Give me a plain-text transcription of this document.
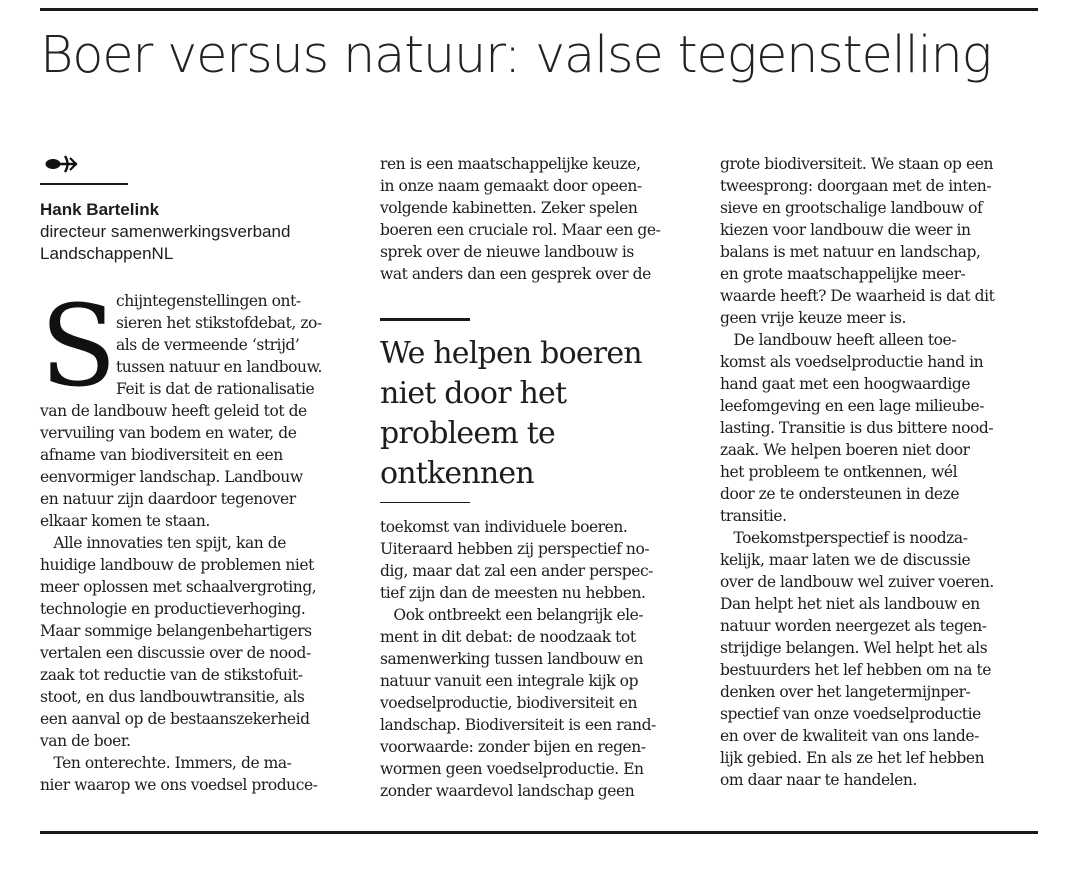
Boer versus natuur: valse tegenstelling
Hank Bartelink
directeur samenwerkingsverband
LandschappenNL
S chijntegenstellingen ont-

sieren het stikstofdebat, zo-

als de vermeende ‘strijd’

tussen natuur en landbouw.

Feit is dat de rationalisatie

van de landbouw heeft geleid tot de

vervuiling van bodem en water, de

afname van biodiversiteit en een

eenvormiger landschap. Landbouw

en natuur zijn daardoor tegenover

elkaar komen te staan.

Alle innovaties ten spijt, kan de

huidige landbouw de problemen niet

meer oplossen met schaalvergroting,

technologie en productieverhoging.

Maar sommige belangenbehartigers

vertalen een discussie over de nood-

zaak tot reductie van de stikstofuit-

stoot, en dus landbouwtransitie, als

een aanval op de bestaanszekerheid

van de boer.

Ten onterechte. Immers, de ma-

nier waarop we ons voedsel produce-

ren is een maatschappelijke keuze,

in onze naam gemaakt door opeen-

volgende kabinetten. Zeker spelen

boeren een cruciale rol. Maar een ge-

sprek over de nieuwe landbouw is

wat anders dan een gesprek over de

We helpen boeren
niet door het
probleem te
ontkennen

toekomst van individuele boeren.

Uiteraard hebben zij perspectief no-

dig, maar dat zal een ander perspec-

tief zijn dan de meesten nu hebben.

Ook ontbreekt een belangrijk ele-

ment in dit debat: de noodzaak tot

samenwerking tussen landbouw en

natuur vanuit een integrale kijk op

voedselproductie, biodiversiteit en

landschap. Biodiversiteit is een rand-

voorwaarde: zonder bijen en regen-

wormen geen voedselproductie. En

zonder waardevol landschap geen

grote biodiversiteit. We staan op een

tweesprong: doorgaan met de inten-

sieve en grootschalige landbouw of

kiezen voor landbouw die weer in

balans is met natuur en landschap,

en grote maatschappelijke meer-

waarde heeft? De waarheid is dat dit

geen vrije keuze meer is.

De landbouw heeft alleen toe-

komst als voedselproductie hand in

hand gaat met een hoogwaardige

leefomgeving en een lage milieube-

lasting. Transitie is dus bittere nood-

zaak. We helpen boeren niet door

het probleem te ontkennen, wél

door ze te ondersteunen in deze

transitie.

Toekomstperspectief is noodza-

kelijk, maar laten we de discussie

over de landbouw wel zuiver voeren.

Dan helpt het niet als landbouw en

natuur worden neergezet als tegen-

strijdige belangen. Wel helpt het als

bestuurders het lef hebben om na te

denken over het langetermijnper-

spectief van onze voedselproductie

en over de kwaliteit van ons lande-

lijk gebied. En als ze het lef hebben

om daar naar te handelen.
